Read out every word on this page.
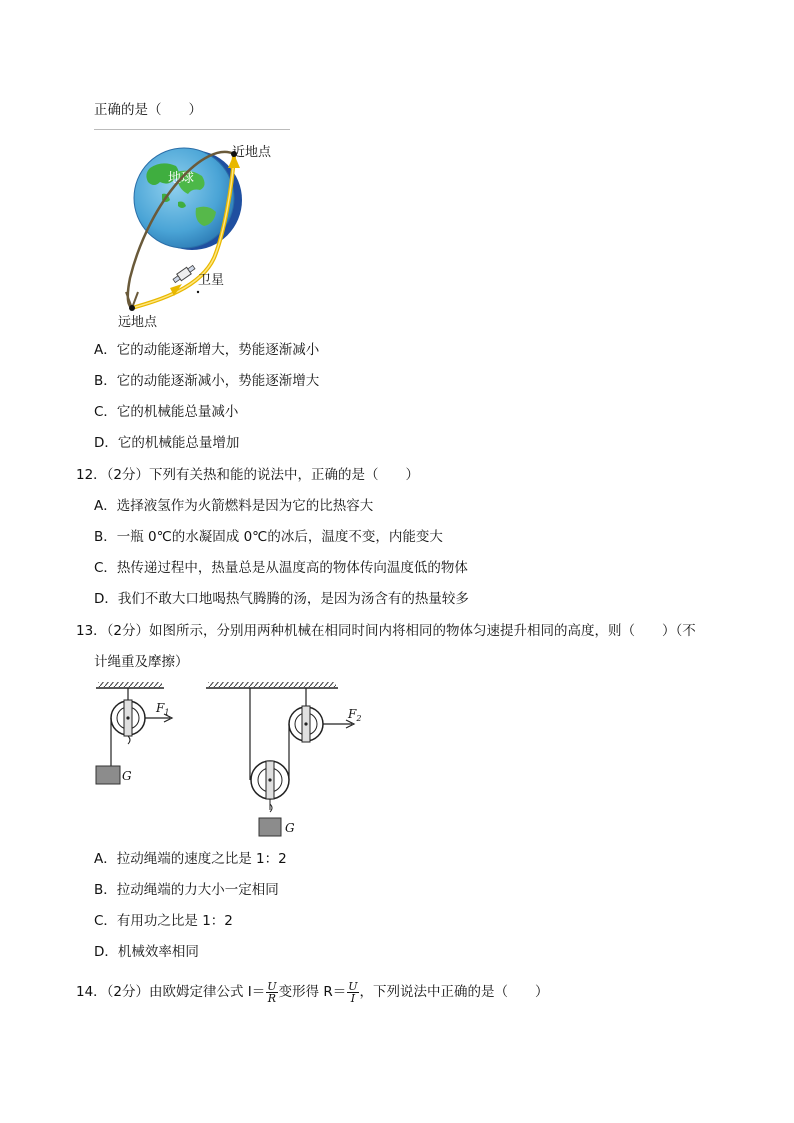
正确的是（　　）
地球
近地点
卫星
远地点
A．它的动能逐渐增大，势能逐渐减小
B．它的动能逐渐减小，势能逐渐增大
C．它的机械能总量减小
D．它的机械能总量增加
12．（2分）下列有关热和能的说法中，正确的是（　　）
A．选择液氢作为火箭燃料是因为它的比热容大
B．一瓶 0℃的水凝固成 0℃的冰后，温度不变，内能变大
C．热传递过程中，热量总是从温度高的物体传向温度低的物体
D．我们不敢大口地喝热气腾腾的汤，是因为汤含有的热量较多
13．（2分）如图所示，分别用两种机械在相同时间内将相同的物体匀速提升相同的高度，则（　　）（不
计绳重及摩擦）
$F_1$
G
$F_2$
G
A．拉动绳端的速度之比是 1：2
B．拉动绳端的力大小一定相同
C．有用功之比是 1：2
D．机械效率相同
14．（2分）由欧姆定律公式 $I= \frac{U}{R}$ 变形得 $R= \frac{U}{I}$ ，下列说法中正确的是（　　）
